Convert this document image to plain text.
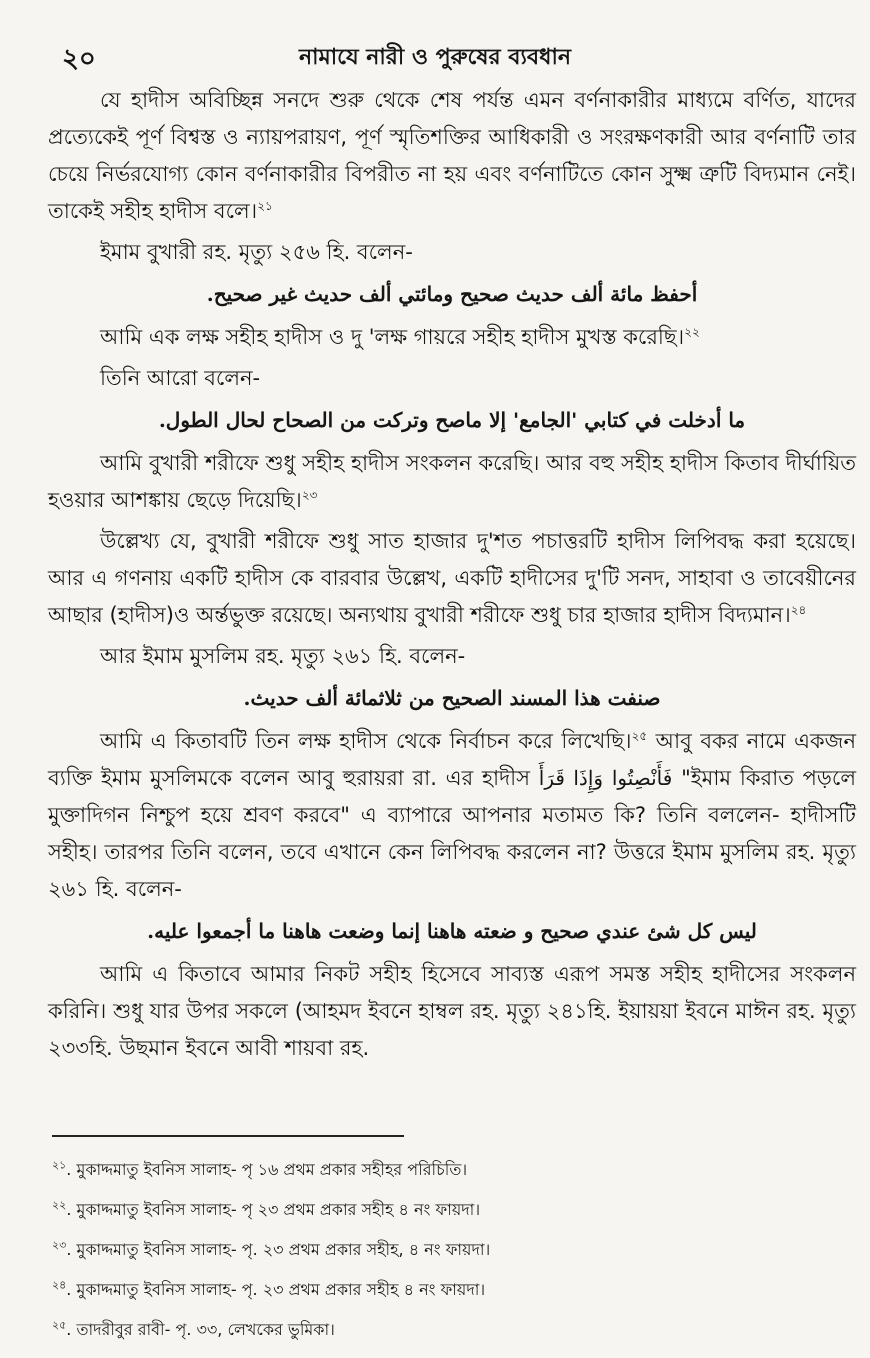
২০	নামাযে নারী ও পুরুষের ব্যবধান

যে হাদীস অবিচ্ছিন্ন সনদে শুরু থেকে শেষ পর্যন্ত এমন বর্ণনাকারীর মাধ্যমে বর্ণিত, যাদের প্রত্যেকেই পূর্ণ বিশ্বস্ত ও ন্যায়পরায়ণ, পূর্ণ স্মৃতিশক্তির আধিকারী ও সংরক্ষণকারী আর বর্ণনাটি তার চেয়ে নির্ভরযোগ্য কোন বর্ণনাকারীর বিপরীত না হয় এবং বর্ণনাটিতে কোন সুক্ষ্ম ত্রুটি বিদ্যমান নেই। তাকেই সহীহ হাদীস বলে।$^{২১}$

ইমাম বুখারী রহ. মৃত্যু ২৫৬ হি. বলেন-

أحفظ مائة ألف حديث صحيح ومائتي ألف حديث غير صحيح.

আমি এক লক্ষ সহীহ হাদীস ও দু 'লক্ষ গায়রে সহীহ হাদীস মুখস্ত করেছি।$^{২২}$

তিনি আরো বলেন-

ما أدخلت في كتابي 'الجامع' إلا ماصح وتركت من الصحاح لحال الطول.

আমি বুখারী শরীফে শুধু সহীহ হাদীস সংকলন করেছি। আর বহু সহীহ হাদীস কিতাব দীর্ঘায়িত হওয়ার আশঙ্কায় ছেড়ে দিয়েছি।$^{২৩}$

উল্লেখ্য যে, বুখারী শরীফে শুধু সাত হাজার দু'শত পচাত্তরটি হাদীস লিপিবদ্ধ করা হয়েছে। আর এ গণনায় একটি হাদীস কে বারবার উল্লেখ, একটি হাদীসের দু'টি সনদ, সাহাবা ও তাবেয়ীনের আছার (হাদীস)ও অর্ন্তভুক্ত রয়েছে। অন্যথায় বুখারী শরীফে শুধু চার হাজার হাদীস বিদ্যমান।$^{২৪}$

আর ইমাম মুসলিম রহ. মৃত্যু ২৬১ হি. বলেন-

صنفت هذا المسند الصحيح من ثلاثمائة ألف حديث.

আমি এ কিতাবটি তিন লক্ষ হাদীস থেকে নির্বাচন করে লিখেছি।$^{২৫}$ আবু বকর নামে একজন ব্যক্তি ইমাম মুসলিমকে বলেন আবু হুরায়রা রা. এর হাদীস وَإِذَا قَرَأَ فَأَنْصِتُوا "ইমাম কিরাত পড়লে মুক্তাদিগন নিশ্চুপ হয়ে শ্রবণ করবে" এ ব্যাপারে আপনার মতামত কি? তিনি বললেন- হাদীসটি সহীহ। তারপর তিনি বলেন, তবে এখানে কেন লিপিবদ্ধ করলেন না? উত্তরে ইমাম মুসলিম রহ. মৃত্যু ২৬১ হি. বলেন-

ليس كل شئ عندي صحيح و ضعته هاهنا إنما وضعت هاهنا ما أجمعوا عليه.

আমি এ কিতাবে আমার নিকট সহীহ হিসেবে সাব্যস্ত এরূপ সমস্ত সহীহ হাদীসের সংকলন করিনি। শুধু যার উপর সকলে (আহমদ ইবনে হাম্বল রহ. মৃত্যু ২৪১হি. ইয়ায়য়া ইবনে মাঈন রহ. মৃত্যু ২৩৩হি. উছমান ইবনে আবী শায়বা রহ.

$^{২১}$. মুকাদ্দমাতু ইবনিস সালাহ- পৃ ১৬ প্রথম প্রকার সহীহর পরিচিতি।
$^{২২}$. মুকাদ্দমাতু ইবনিস সালাহ- পৃ ২৩ প্রথম প্রকার সহীহ ৪ নং ফায়দা।
$^{২৩}$. মুকাদ্দমাতু ইবনিস সালাহ- পৃ. ২৩ প্রথম প্রকার সহীহ, ৪ নং ফায়দা।
$^{২৪}$. মুকাদ্দমাতু ইবনিস সালাহ- পৃ. ২৩ প্রথম প্রকার সহীহ ৪ নং ফায়দা।
$^{২৫}$. তাদরীবুর রাবী- পৃ. ৩৩, লেখকের ভুমিকা।
